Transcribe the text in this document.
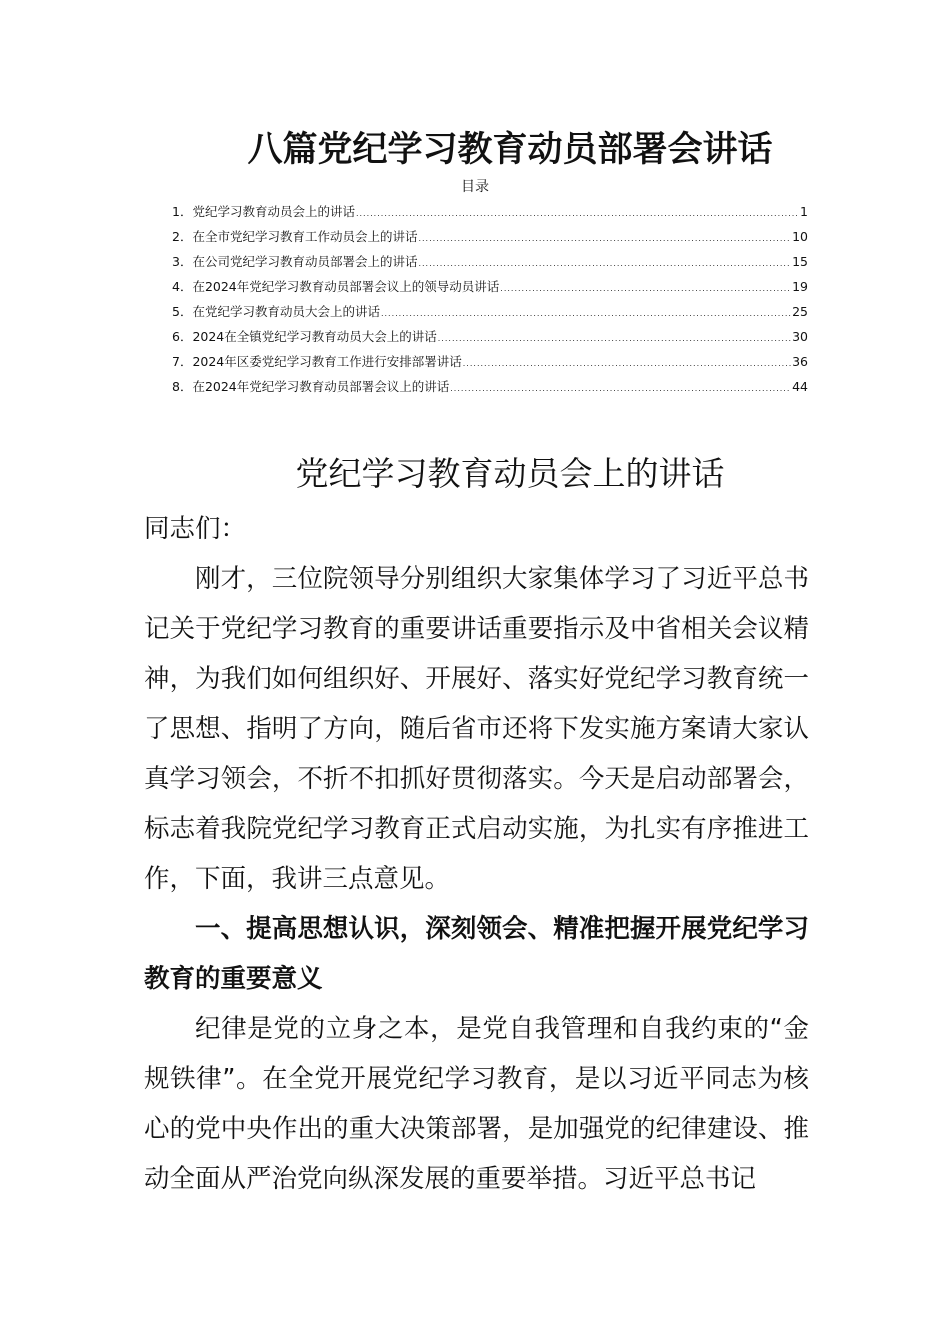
八篇党纪学习教育动员部署会讲话
目录
1． 党纪学习教育动员会上的讲话 .....	1
2． 在全市党纪学习教育工作动员会上的讲话 .....	10
3． 在公司党纪学习教育动员部署会上的讲话 .....	15
4． 在2024年党纪学习教育动员部署会议上的领导动员讲话 .....	19
5． 在党纪学习教育动员大会上的讲话 .....	25
6． 2024在全镇党纪学习教育动员大会上的讲话 .....	30
7． 2024年区委党纪学习教育工作进行安排部署讲话 .....	36
8． 在2024年党纪学习教育动员部署会议上的讲话 .....	44
党纪学习教育动员会上的讲话

同志们：

刚才，三位院领导分别组织大家集体学习了习近平总书记关于党纪学习教育的重要讲话重要指示及中省相关会议精神，为我们如何组织好、开展好、落实好党纪学习教育统一了思想、指明了方向，随后省市还将下发实施方案请大家认真学习领会，不折不扣抓好贯彻落实。今天是启动部署会，标志着我院党纪学习教育正式启动实施，为扎实有序推进工作，下面，我讲三点意见。

一、提高思想认识，深刻领会、精准把握开展党纪学习教育的重要意义

纪律是党的立身之本，是党自我管理和自我约束的“金规铁律”。在全党开展党纪学习教育，是以习近平同志为核心的党中央作出的重大决策部署，是加强党的纪律建设、推动全面从严治党向纵深发展的重要举措。习近平总书记
